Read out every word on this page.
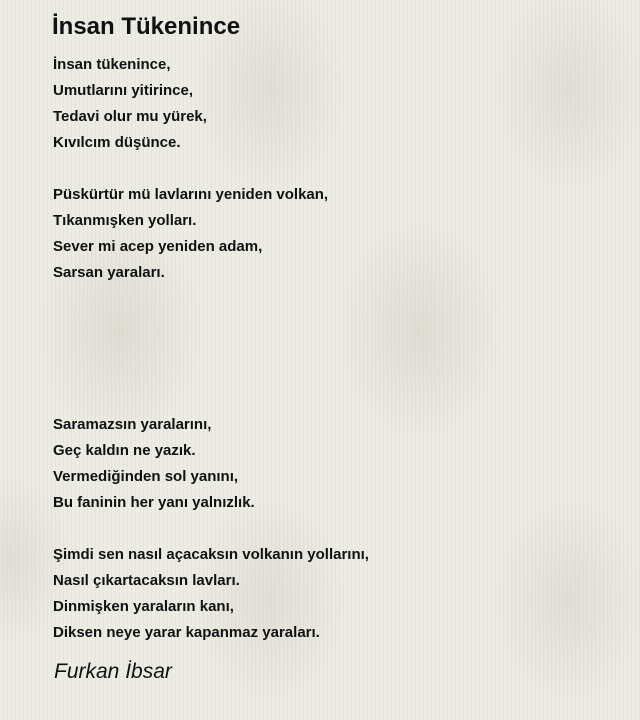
İnsan Tükenince
İnsan tükenince,
Umutlarını yitirince,
Tedavi olur mu yürek,
Kıvılcım düşünce.
Püskürtür mü lavlarını yeniden volkan,
Tıkanmışken yolları.
Sever mi acep yeniden adam,
Sarsan yaraları.
Saramazsın yaralarını,
Geç kaldın ne yazık.
Vermediğinden sol yanını,
Bu faninin her yanı yalnızlık.
Şimdi sen nasıl açacaksın volkanın yollarını,
Nasıl çıkartacaksın lavları.
Dinmişken yaraların kanı,
Diksen neye yarar kapanmaz yaraları.
Furkan İbsar
